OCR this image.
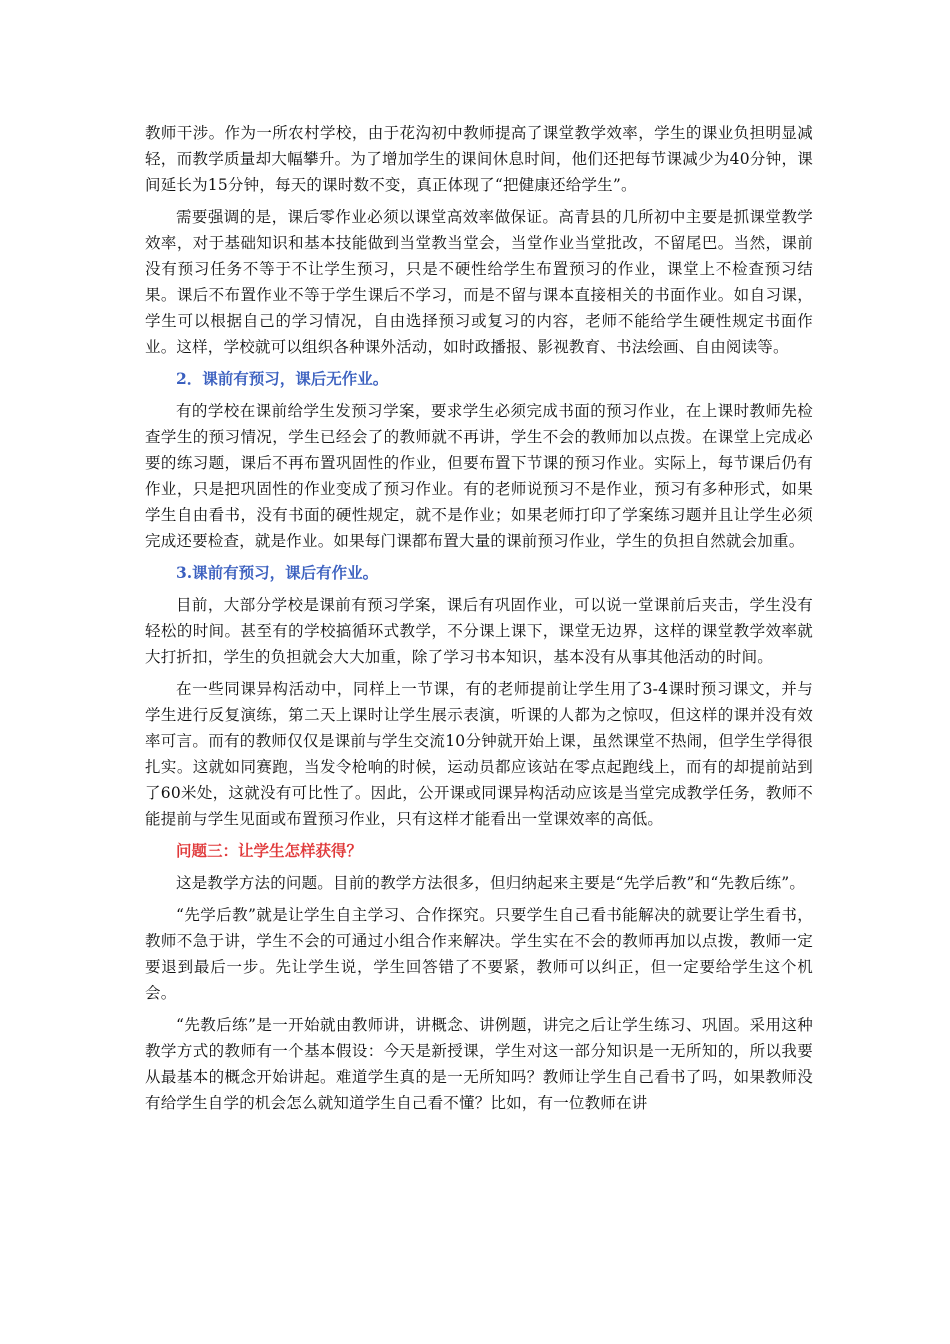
教师干涉。作为一所农村学校，由于花沟初中教师提高了课堂教学效率，学生的课业负担明显减轻，而教学质量却大幅攀升。为了增加学生的课间休息时间，他们还把每节课减少为40分钟，课间延长为15分钟，每天的课时数不变，真正体现了“把健康还给学生”。

需要强调的是，课后零作业必须以课堂高效率做保证。高青县的几所初中主要是抓课堂教学效率，对于基础知识和基本技能做到当堂教当堂会，当堂作业当堂批改，不留尾巴。当然，课前没有预习任务不等于不让学生预习，只是不硬性给学生布置预习的作业，课堂上不检查预习结果。课后不布置作业不等于学生课后不学习，而是不留与课本直接相关的书面作业。如自习课，学生可以根据自己的学习情况，自由选择预习或复习的内容，老师不能给学生硬性规定书面作业。这样，学校就可以组织各种课外活动，如时政播报、影视教育、书法绘画、自由阅读等。

2．课前有预习，课后无作业。

有的学校在课前给学生发预习学案，要求学生必须完成书面的预习作业，在上课时教师先检查学生的预习情况，学生已经会了的教师就不再讲，学生不会的教师加以点拨。在课堂上完成必要的练习题，课后不再布置巩固性的作业，但要布置下节课的预习作业。实际上，每节课后仍有作业，只是把巩固性的作业变成了预习作业。有的老师说预习不是作业，预习有多种形式，如果学生自由看书，没有书面的硬性规定，就不是作业；如果老师打印了学案练习题并且让学生必须完成还要检查，就是作业。如果每门课都布置大量的课前预习作业，学生的负担自然就会加重。

3.课前有预习，课后有作业。

目前，大部分学校是课前有预习学案，课后有巩固作业，可以说一堂课前后夹击，学生没有轻松的时间。甚至有的学校搞循环式教学，不分课上课下，课堂无边界，这样的课堂教学效率就大打折扣，学生的负担就会大大加重，除了学习书本知识，基本没有从事其他活动的时间。

在一些同课异构活动中，同样上一节课，有的老师提前让学生用了3-4课时预习课文，并与学生进行反复演练，第二天上课时让学生展示表演，听课的人都为之惊叹，但这样的课并没有效率可言。而有的教师仅仅是课前与学生交流10分钟就开始上课，虽然课堂不热闹，但学生学得很扎实。这就如同赛跑，当发令枪响的时候，运动员都应该站在零点起跑线上，而有的却提前站到了60米处，这就没有可比性了。因此，公开课或同课异构活动应该是当堂完成教学任务，教师不能提前与学生见面或布置预习作业，只有这样才能看出一堂课效率的高低。

问题三：让学生怎样获得？

这是教学方法的问题。目前的教学方法很多，但归纳起来主要是“先学后教”和“先教后练”。

“先学后教”就是让学生自主学习、合作探究。只要学生自己看书能解决的就要让学生看书，教师不急于讲，学生不会的可通过小组合作来解决。学生实在不会的教师再加以点拨，教师一定要退到最后一步。先让学生说，学生回答错了不要紧，教师可以纠正，但一定要给学生这个机会。

“先教后练”是一开始就由教师讲，讲概念、讲例题，讲完之后让学生练习、巩固。采用这种教学方式的教师有一个基本假设：今天是新授课，学生对这一部分知识是一无所知的，所以我要从最基本的概念开始讲起。难道学生真的是一无所知吗？教师让学生自己看书了吗，如果教师没有给学生自学的机会怎么就知道学生自己看不懂？比如，有一位教师在讲
